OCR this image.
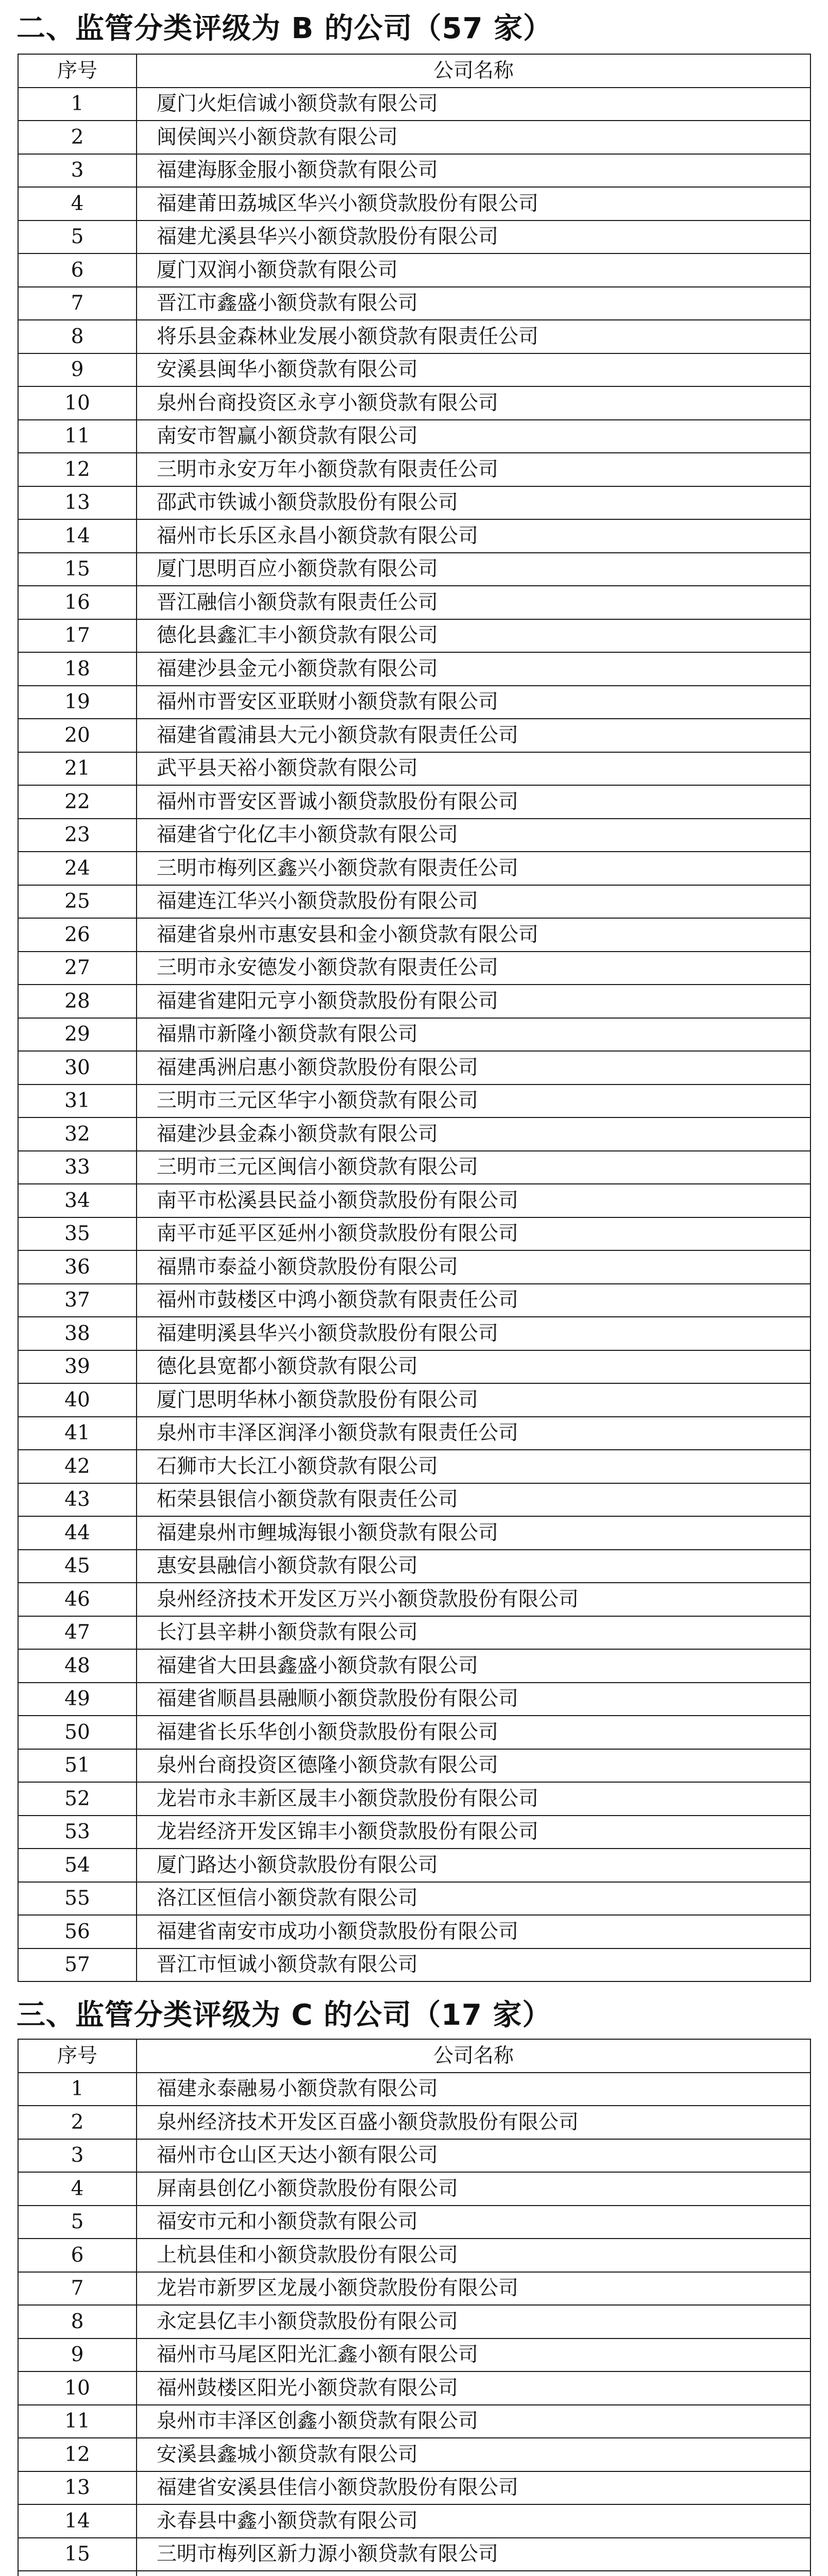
二、监管分类评级为 B 的公司（57 家）
序号	公司名称
1	厦门火炬信诚小额贷款有限公司
2	闽侯闽兴小额贷款有限公司
3	福建海豚金服小额贷款有限公司
4	福建莆田荔城区华兴小额贷款股份有限公司
5	福建尤溪县华兴小额贷款股份有限公司
6	厦门双润小额贷款有限公司
7	晋江市鑫盛小额贷款有限公司
8	将乐县金森林业发展小额贷款有限责任公司
9	安溪县闽华小额贷款有限公司
10	泉州台商投资区永亨小额贷款有限公司
11	南安市智赢小额贷款有限公司
12	三明市永安万年小额贷款有限责任公司
13	邵武市铁诚小额贷款股份有限公司
14	福州市长乐区永昌小额贷款有限公司
15	厦门思明百应小额贷款有限公司
16	晋江融信小额贷款有限责任公司
17	德化县鑫汇丰小额贷款有限公司
18	福建沙县金元小额贷款有限公司
19	福州市晋安区亚联财小额贷款有限公司
20	福建省霞浦县大元小额贷款有限责任公司
21	武平县天裕小额贷款有限公司
22	福州市晋安区晋诚小额贷款股份有限公司
23	福建省宁化亿丰小额贷款有限公司
24	三明市梅列区鑫兴小额贷款有限责任公司
25	福建连江华兴小额贷款股份有限公司
26	福建省泉州市惠安县和金小额贷款有限公司
27	三明市永安德发小额贷款有限责任公司
28	福建省建阳元亨小额贷款股份有限公司
29	福鼎市新隆小额贷款有限公司
30	福建禹洲启惠小额贷款股份有限公司
31	三明市三元区华宇小额贷款有限公司
32	福建沙县金森小额贷款有限公司
33	三明市三元区闽信小额贷款有限公司
34	南平市松溪县民益小额贷款股份有限公司
35	南平市延平区延州小额贷款股份有限公司
36	福鼎市泰益小额贷款股份有限公司
37	福州市鼓楼区中鸿小额贷款有限责任公司
38	福建明溪县华兴小额贷款股份有限公司
39	德化县宽都小额贷款有限公司
40	厦门思明华林小额贷款股份有限公司
41	泉州市丰泽区润泽小额贷款有限责任公司
42	石狮市大长江小额贷款有限公司
43	柘荣县银信小额贷款有限责任公司
44	福建泉州市鲤城海银小额贷款有限公司
45	惠安县融信小额贷款有限公司
46	泉州经济技术开发区万兴小额贷款股份有限公司
47	长汀县辛耕小额贷款有限公司
48	福建省大田县鑫盛小额贷款有限公司
49	福建省顺昌县融顺小额贷款股份有限公司
50	福建省长乐华创小额贷款股份有限公司
51	泉州台商投资区德隆小额贷款有限公司
52	龙岩市永丰新区晟丰小额贷款股份有限公司
53	龙岩经济开发区锦丰小额贷款股份有限公司
54	厦门路达小额贷款股份有限公司
55	洛江区恒信小额贷款有限公司
56	福建省南安市成功小额贷款股份有限公司
57	晋江市恒诚小额贷款有限公司
三、监管分类评级为 C 的公司（17 家）
序号	公司名称
1	福建永泰融易小额贷款有限公司
2	泉州经济技术开发区百盛小额贷款股份有限公司
3	福州市仓山区天达小额有限公司
4	屏南县创亿小额贷款股份有限公司
5	福安市元和小额贷款有限公司
6	上杭县佳和小额贷款股份有限公司
7	龙岩市新罗区龙晟小额贷款股份有限公司
8	永定县亿丰小额贷款股份有限公司
9	福州市马尾区阳光汇鑫小额有限公司
10	福州鼓楼区阳光小额贷款有限公司
11	泉州市丰泽区创鑫小额贷款有限公司
12	安溪县鑫城小额贷款有限公司
13	福建省安溪县佳信小额贷款股份有限公司
14	永春县中鑫小额贷款有限公司
15	三明市梅列区新力源小额贷款有限公司
